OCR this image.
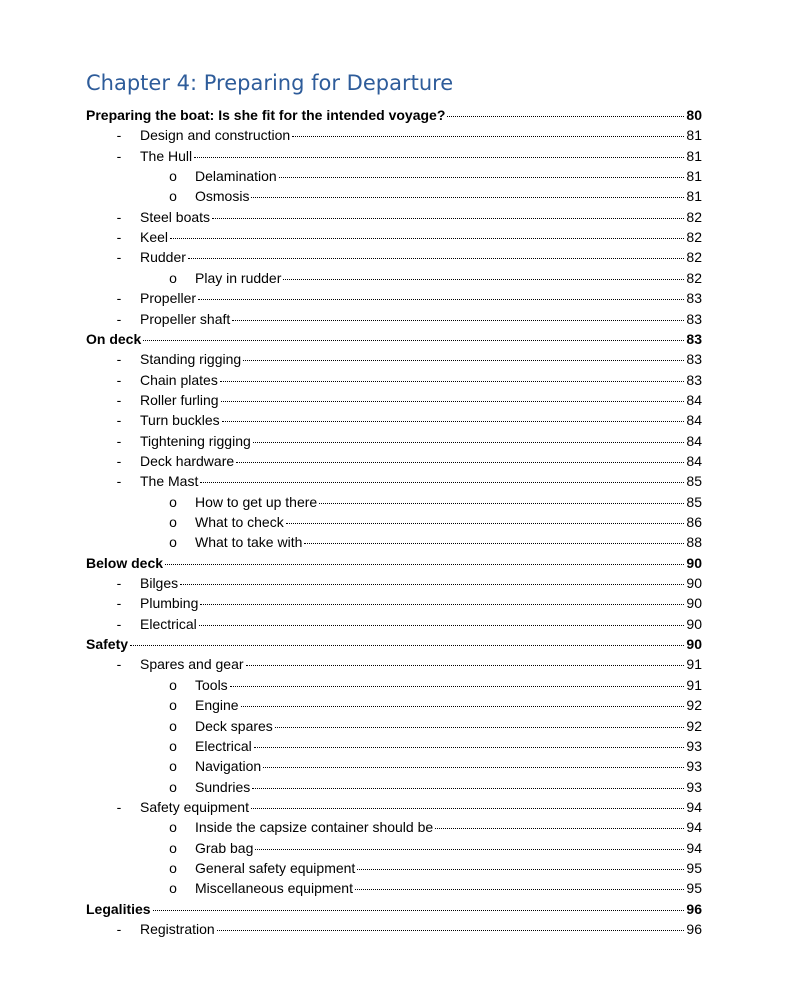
Chapter 4: Preparing for Departure
Preparing the boat: Is she fit for the intended voyage?	80
- Design and construction	81
- The Hull	81
o Delamination	81
o Osmosis	81
- Steel boats	82
- Keel	82
- Rudder	82
o Play in rudder	82
- Propeller	83
- Propeller shaft	83
On deck	83
- Standing rigging	83
- Chain plates	83
- Roller furling	84
- Turn buckles	84
- Tightening rigging	84
- Deck hardware	84
- The Mast	85
o How to get up there	85
o What to check	86
o What to take with	88
Below deck	90
- Bilges	90
- Plumbing	90
- Electrical	90
Safety	90
- Spares and gear	91
o Tools	91
o Engine	92
o Deck spares	92
o Electrical	93
o Navigation	93
o Sundries	93
- Safety equipment	94
o Inside the capsize container should be	94
o Grab bag	94
o General safety equipment	95
o Miscellaneous equipment	95
Legalities	96
- Registration	96
